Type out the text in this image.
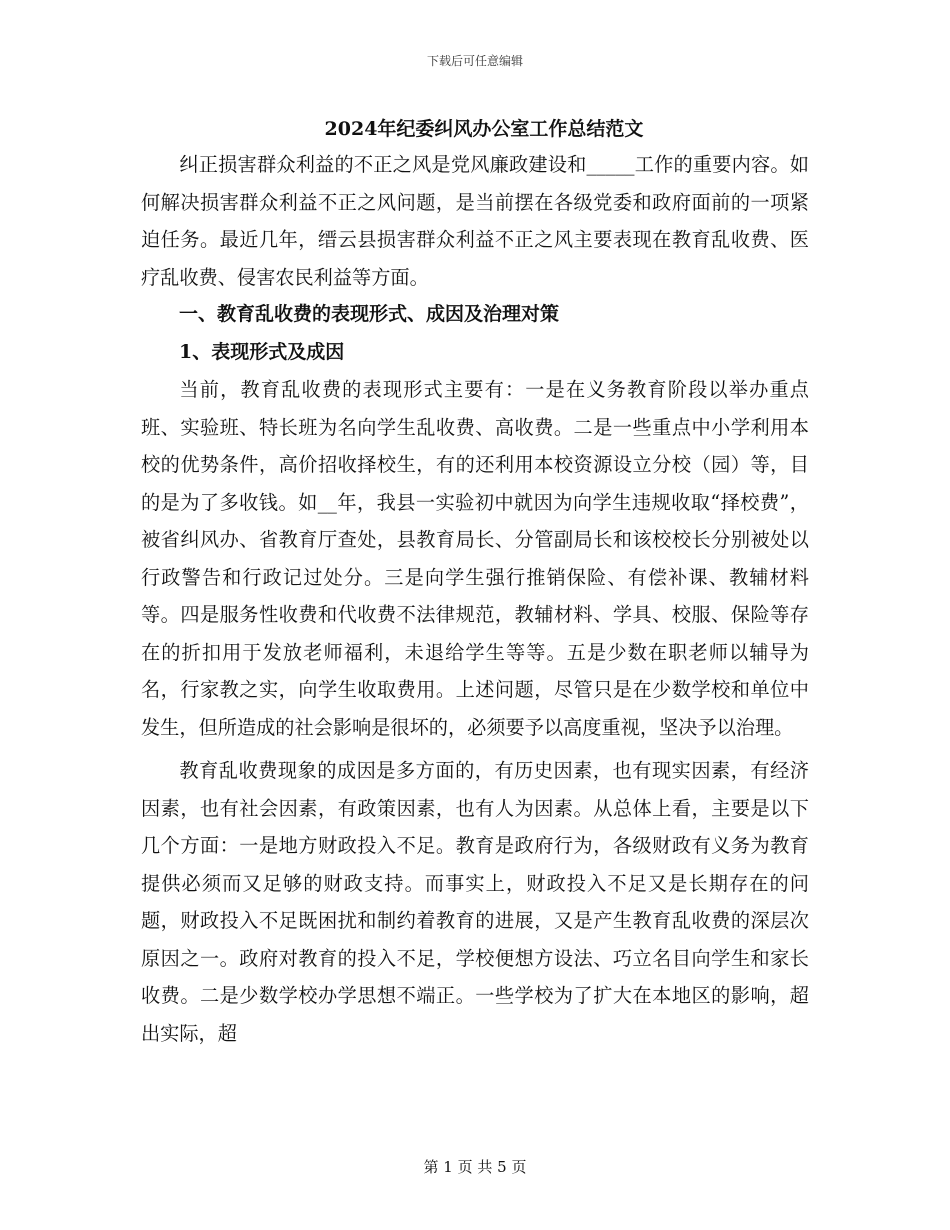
下载后可任意编辑
2024年纪委纠风办公室工作总结范文

纠正损害群众利益的不正之风是党风廉政建设和_____工作的重要内容。如何解决损害群众利益不正之风问题，是当前摆在各级党委和政府面前的一项紧迫任务。最近几年，缙云县损害群众利益不正之风主要表现在教育乱收费、医疗乱收费、侵害农民利益等方面。

一、教育乱收费的表现形式、成因及治理对策

1、表现形式及成因

当前，教育乱收费的表现形式主要有：一是在义务教育阶段以举办重点班、实验班、特长班为名向学生乱收费、高收费。二是一些重点中小学利用本校的优势条件，高价招收择校生，有的还利用本校资源设立分校（园）等，目的是为了多收钱。如__年，我县一实验初中就因为向学生违规收取“择校费”，被省纠风办、省教育厅查处，县教育局长、分管副局长和该校校长分别被处以行政警告和行政记过处分。三是向学生强行推销保险、有偿补课、教辅材料等。四是服务性收费和代收费不法律规范，教辅材料、学具、校服、保险等存在的折扣用于发放老师福利，未退给学生等等。五是少数在职老师以辅导为名，行家教之实，向学生收取费用。上述问题，尽管只是在少数学校和单位中发生，但所造成的社会影响是很坏的，必须要予以高度重视，坚决予以治理。

教育乱收费现象的成因是多方面的，有历史因素，也有现实因素，有经济因素，也有社会因素，有政策因素，也有人为因素。从总体上看，主要是以下几个方面：一是地方财政投入不足。教育是政府行为，各级财政有义务为教育提供必须而又足够的财政支持。而事实上，财政投入不足又是长期存在的问题，财政投入不足既困扰和制约着教育的进展，又是产生教育乱收费的深层次原因之一。政府对教育的投入不足，学校便想方设法、巧立名目向学生和家长收费。二是少数学校办学思想不端正。一些学校为了扩大在本地区的影响，超出实际，超

第 1 页 共 5 页
